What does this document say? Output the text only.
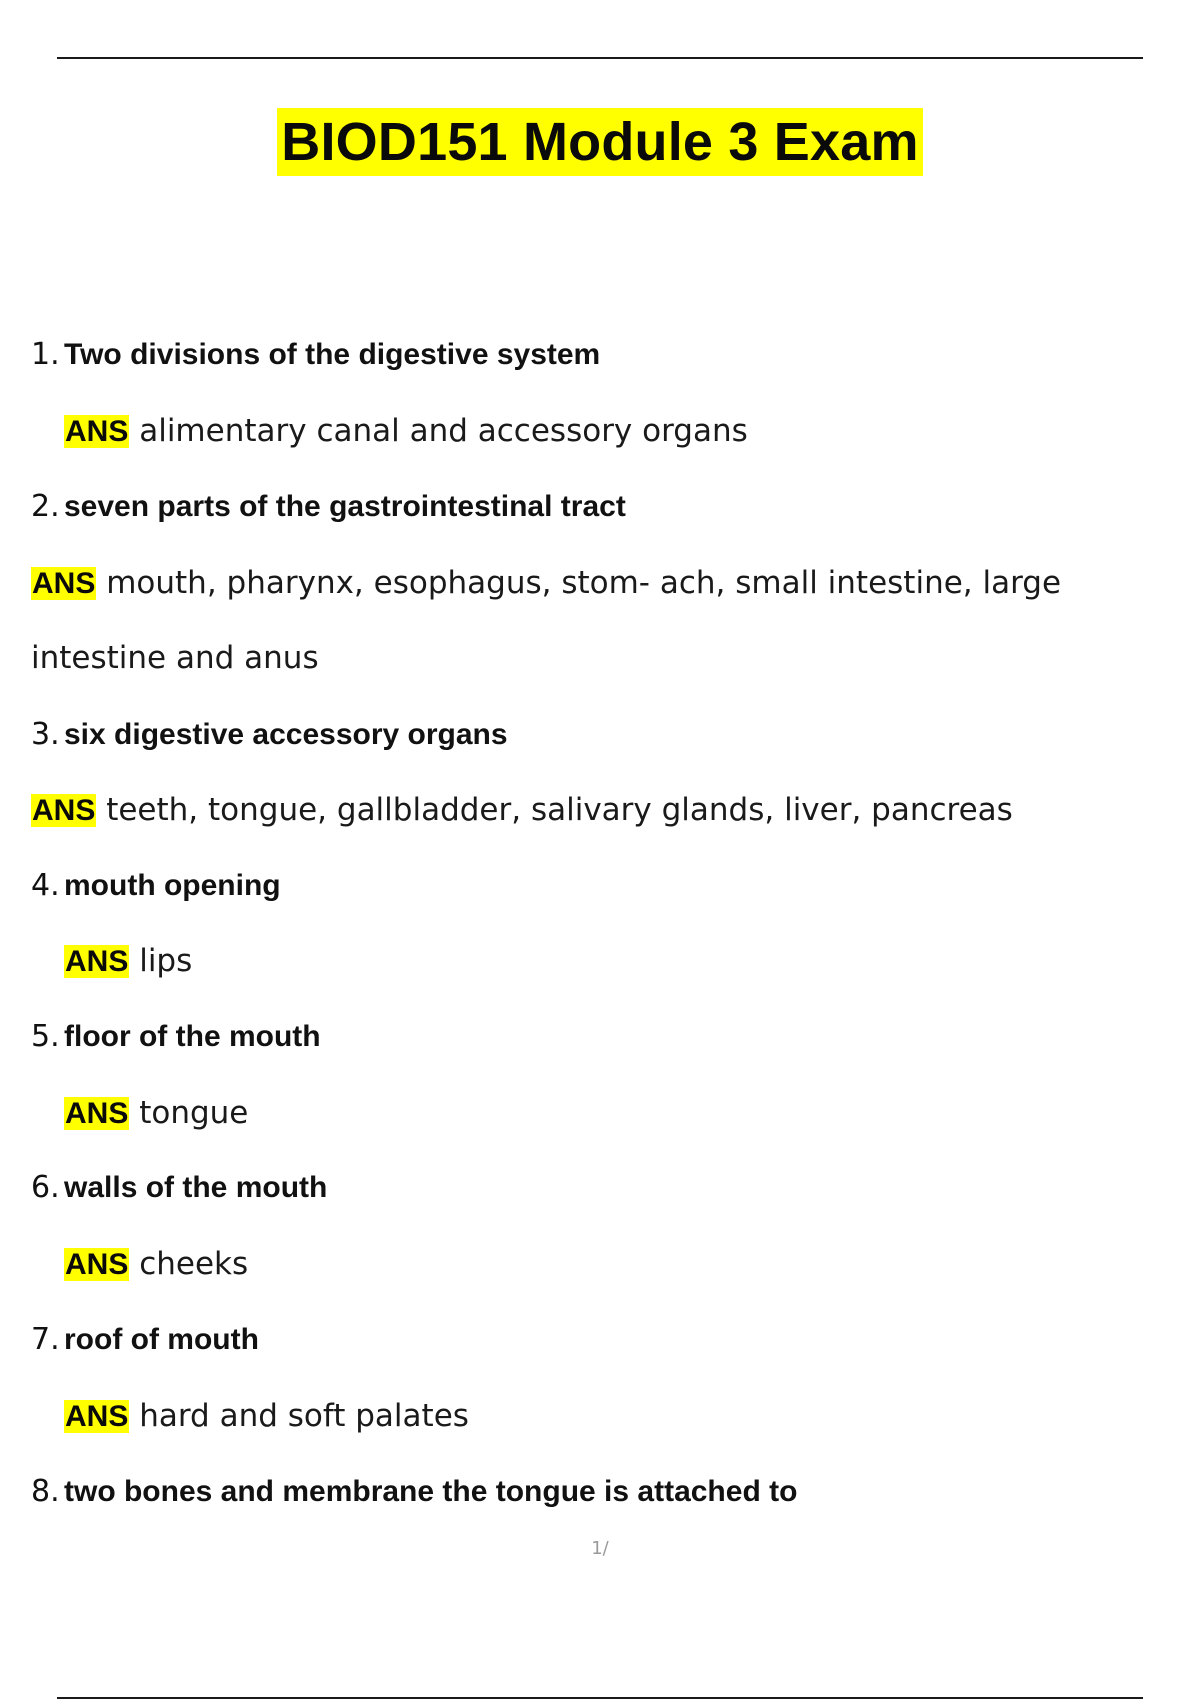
BIOD151 Module 3 Exam
1. Two divisions of the digestive system
ANS alimentary canal and accessory organs
2. seven parts of the gastrointestinal tract
ANS mouth, pharynx, esophagus, stom- ach, small intestine, large
intestine and anus
3. six digestive accessory organs
ANS teeth, tongue, gallbladder, salivary glands, liver, pancreas
4. mouth opening
ANS lips
5. floor of the mouth
ANS tongue
6. walls of the mouth
ANS cheeks
7. roof of mouth
ANS hard and soft palates
8. two bones and membrane the tongue is attached to
1/
